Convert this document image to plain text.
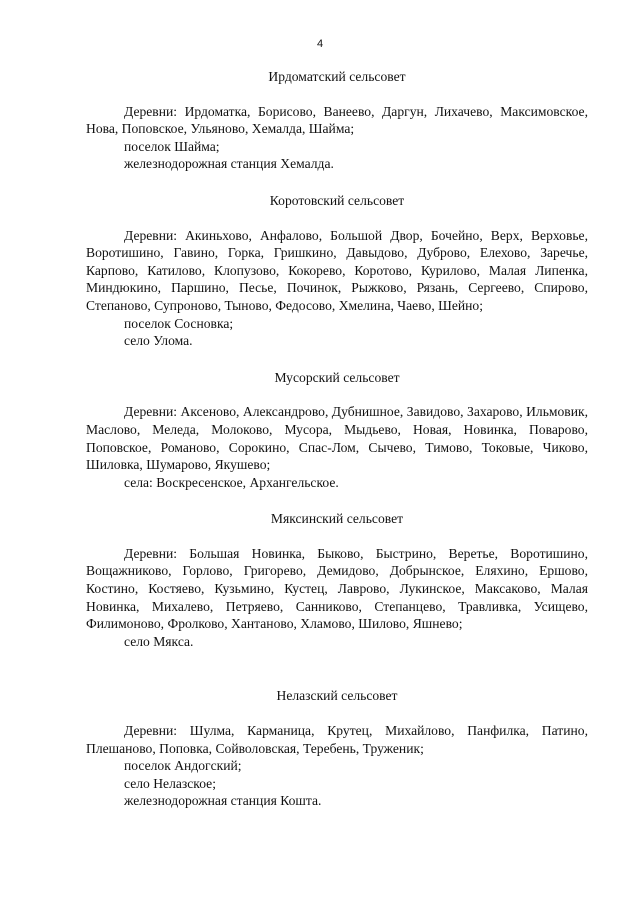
4

Ирдоматский сельсовет

Деревни: Ирдоматка, Борисово, Ванеево, Даргун, Лихачево, Максимовское, Нова, Поповское, Ульяново, Хемалда, Шайма;

поселок Шайма;

железнодорожная станция Хемалда.

Коротовский сельсовет

Деревни: Акиньхово, Анфалово, Большой Двор, Бочейно, Верх, Верховье, Воротишино, Гавино, Горка, Гришкино, Давыдово, Дуброво, Елехово, Заречье, Карпово, Катилово, Клопузово, Кокорево, Коротово, Курилово, Малая Липенка, Миндюкино, Паршино, Песье, Починок, Рыжково, Рязань, Сергеево, Спирово, Степаново, Супроново, Тыново, Федосово, Хмелина, Чаево, Шейно;

поселок Сосновка;

село Улома.

Мусорский сельсовет

Деревни: Аксеново, Александрово, Дубнишное, Завидово, Захарово, Ильмовик, Маслово, Меледа, Молоково, Мусора, Мыдьево, Новая, Новинка, Поварово, Поповское, Романово, Сорокино, Спас-Лом, Сычево, Тимово, Токовые, Чиково, Шиловка, Шумарово, Якушево;

села: Воскресенское, Архангельское.

Мяксинский сельсовет

Деревни: Большая Новинка, Быково, Быстрино, Веретье, Воротишино, Вощажниково, Горлово, Григорево, Демидово, Добрынское, Еляхино, Ершово, Костино, Костяево, Кузьмино, Кустец, Лаврово, Лукинское, Максаково, Малая Новинка, Михалево, Петряево, Санниково, Степанцево, Травливка, Усищево, Филимоново, Фролково, Хантаново, Хламово, Шилово, Яшнево;

село Мякса.

Нелазский сельсовет

Деревни: Шулма, Карманица, Крутец, Михайлово, Панфилка, Патино, Плешаново, Поповка, Сойволовская, Теребень, Труженик;

поселок Андогский;

село Нелазское;

железнодорожная станция Кошта.
